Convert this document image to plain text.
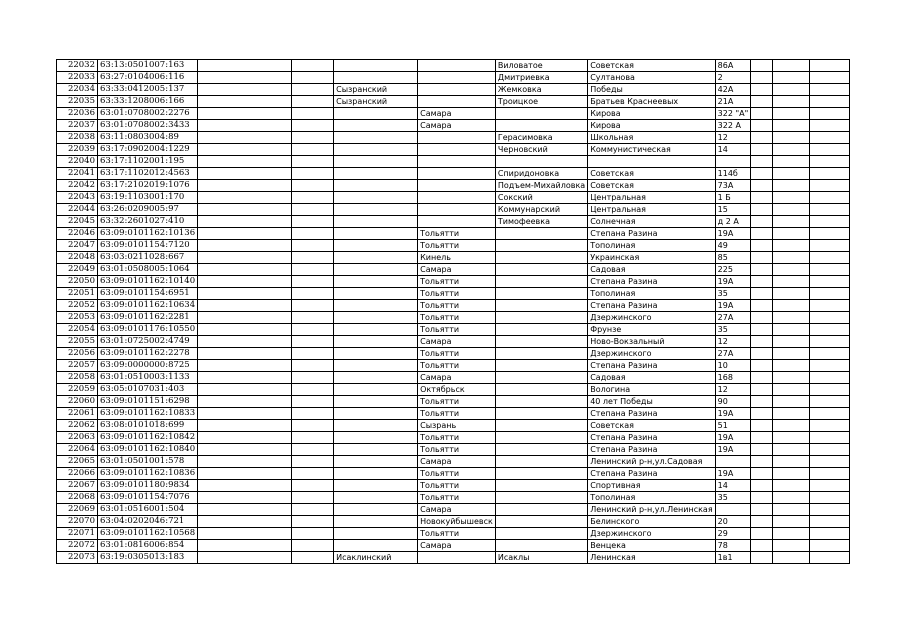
22032	63:13:0501007:163					Виловатое	Советская	86А			
22033	63:27:0104006:116					Дмитриевка	Султанова	2			
22034	63:33:0412005:137			Сызранский		Жемковка	Победы	42А			
22035	63:33:1208006:166			Сызранский		Троицкое	Братьев Краснеевых	21А			
22036	63:01:0708002:2276				Самара		Кирова	322 "А"			
22037	63:01:0708002:3433				Самара		Кирова	322 А			
22038	63:11:0803004:89					Герасимовка	Школьная	12			
22039	63:17:0902004:1229					Черновский	Коммунистическая	14			
22040	63:17:1102001:195										
22041	63:17:1102012:4563					Спиридоновка	Советская	114б			
22042	63:17:2102019:1076					Подъем-Михайловка	Советская	73А			
22043	63:19:1103001:170					Сокский	Центральная	1 Б			
22044	63:26:0209005:97					Коммунарский	Центральная	15			
22045	63:32:2601027:410					Тимофеевка	Солнечная	д 2 А			
22046	63:09:0101162:10136				Тольятти		Степана Разина	19А			
22047	63:09:0101154:7120				Тольятти		Тополиная	49			
22048	63:03:0211028:667				Кинель		Украинская	85			
22049	63:01:0508005:1064				Самара		Садовая	225			
22050	63:09:0101162:10140				Тольятти		Степана Разина	19А			
22051	63:09:0101154:6951				Тольятти		Тополиная	35			
22052	63:09:0101162:10634				Тольятти		Степана Разина	19А			
22053	63:09:0101162:2281				Тольятти		Дзержинского	27А			
22054	63:09:0101176:10550				Тольятти		Фрунзе	35			
22055	63:01:0725002:4749				Самара		Ново-Вокзальный	12			
22056	63:09:0101162:2278				Тольятти		Дзержинского	27А			
22057	63:09:0000000:8725				Тольятти		Степана Разина	10			
22058	63:01:0510003:1133				Самара		Садовая	168			
22059	63:05:0107031:403				Октябрьск		Вологина	12			
22060	63:09:0101151:6298				Тольятти		40 лет Победы	90			
22061	63:09:0101162:10833				Тольятти		Степана Разина	19А			
22062	63:08:0101018:699				Сызрань		Советская	51			
22063	63:09:0101162:10842				Тольятти		Степана Разина	19А			
22064	63:09:0101162:10840				Тольятти		Степана Разина	19А			
22065	63:01:0501001:578				Самара		Ленинский р-н,ул.Садовая				
22066	63:09:0101162:10836				Тольятти		Степана Разина	19А			
22067	63:09:0101180:9834				Тольятти		Спортивная	14			
22068	63:09:0101154:7076				Тольятти		Тополиная	35			
22069	63:01:0516001:504				Самара		Ленинский р-н,ул.Ленинская				
22070	63:04:0202046:721				Новокуйбышевск		Белинского	20			
22071	63:09:0101162:10568				Тольятти		Дзержинского	29			
22072	63:01:0816006:854				Самара		Венцека	78			
22073	63:19:0305013:183			Исаклинский		Исаклы	Ленинская	1в1			
